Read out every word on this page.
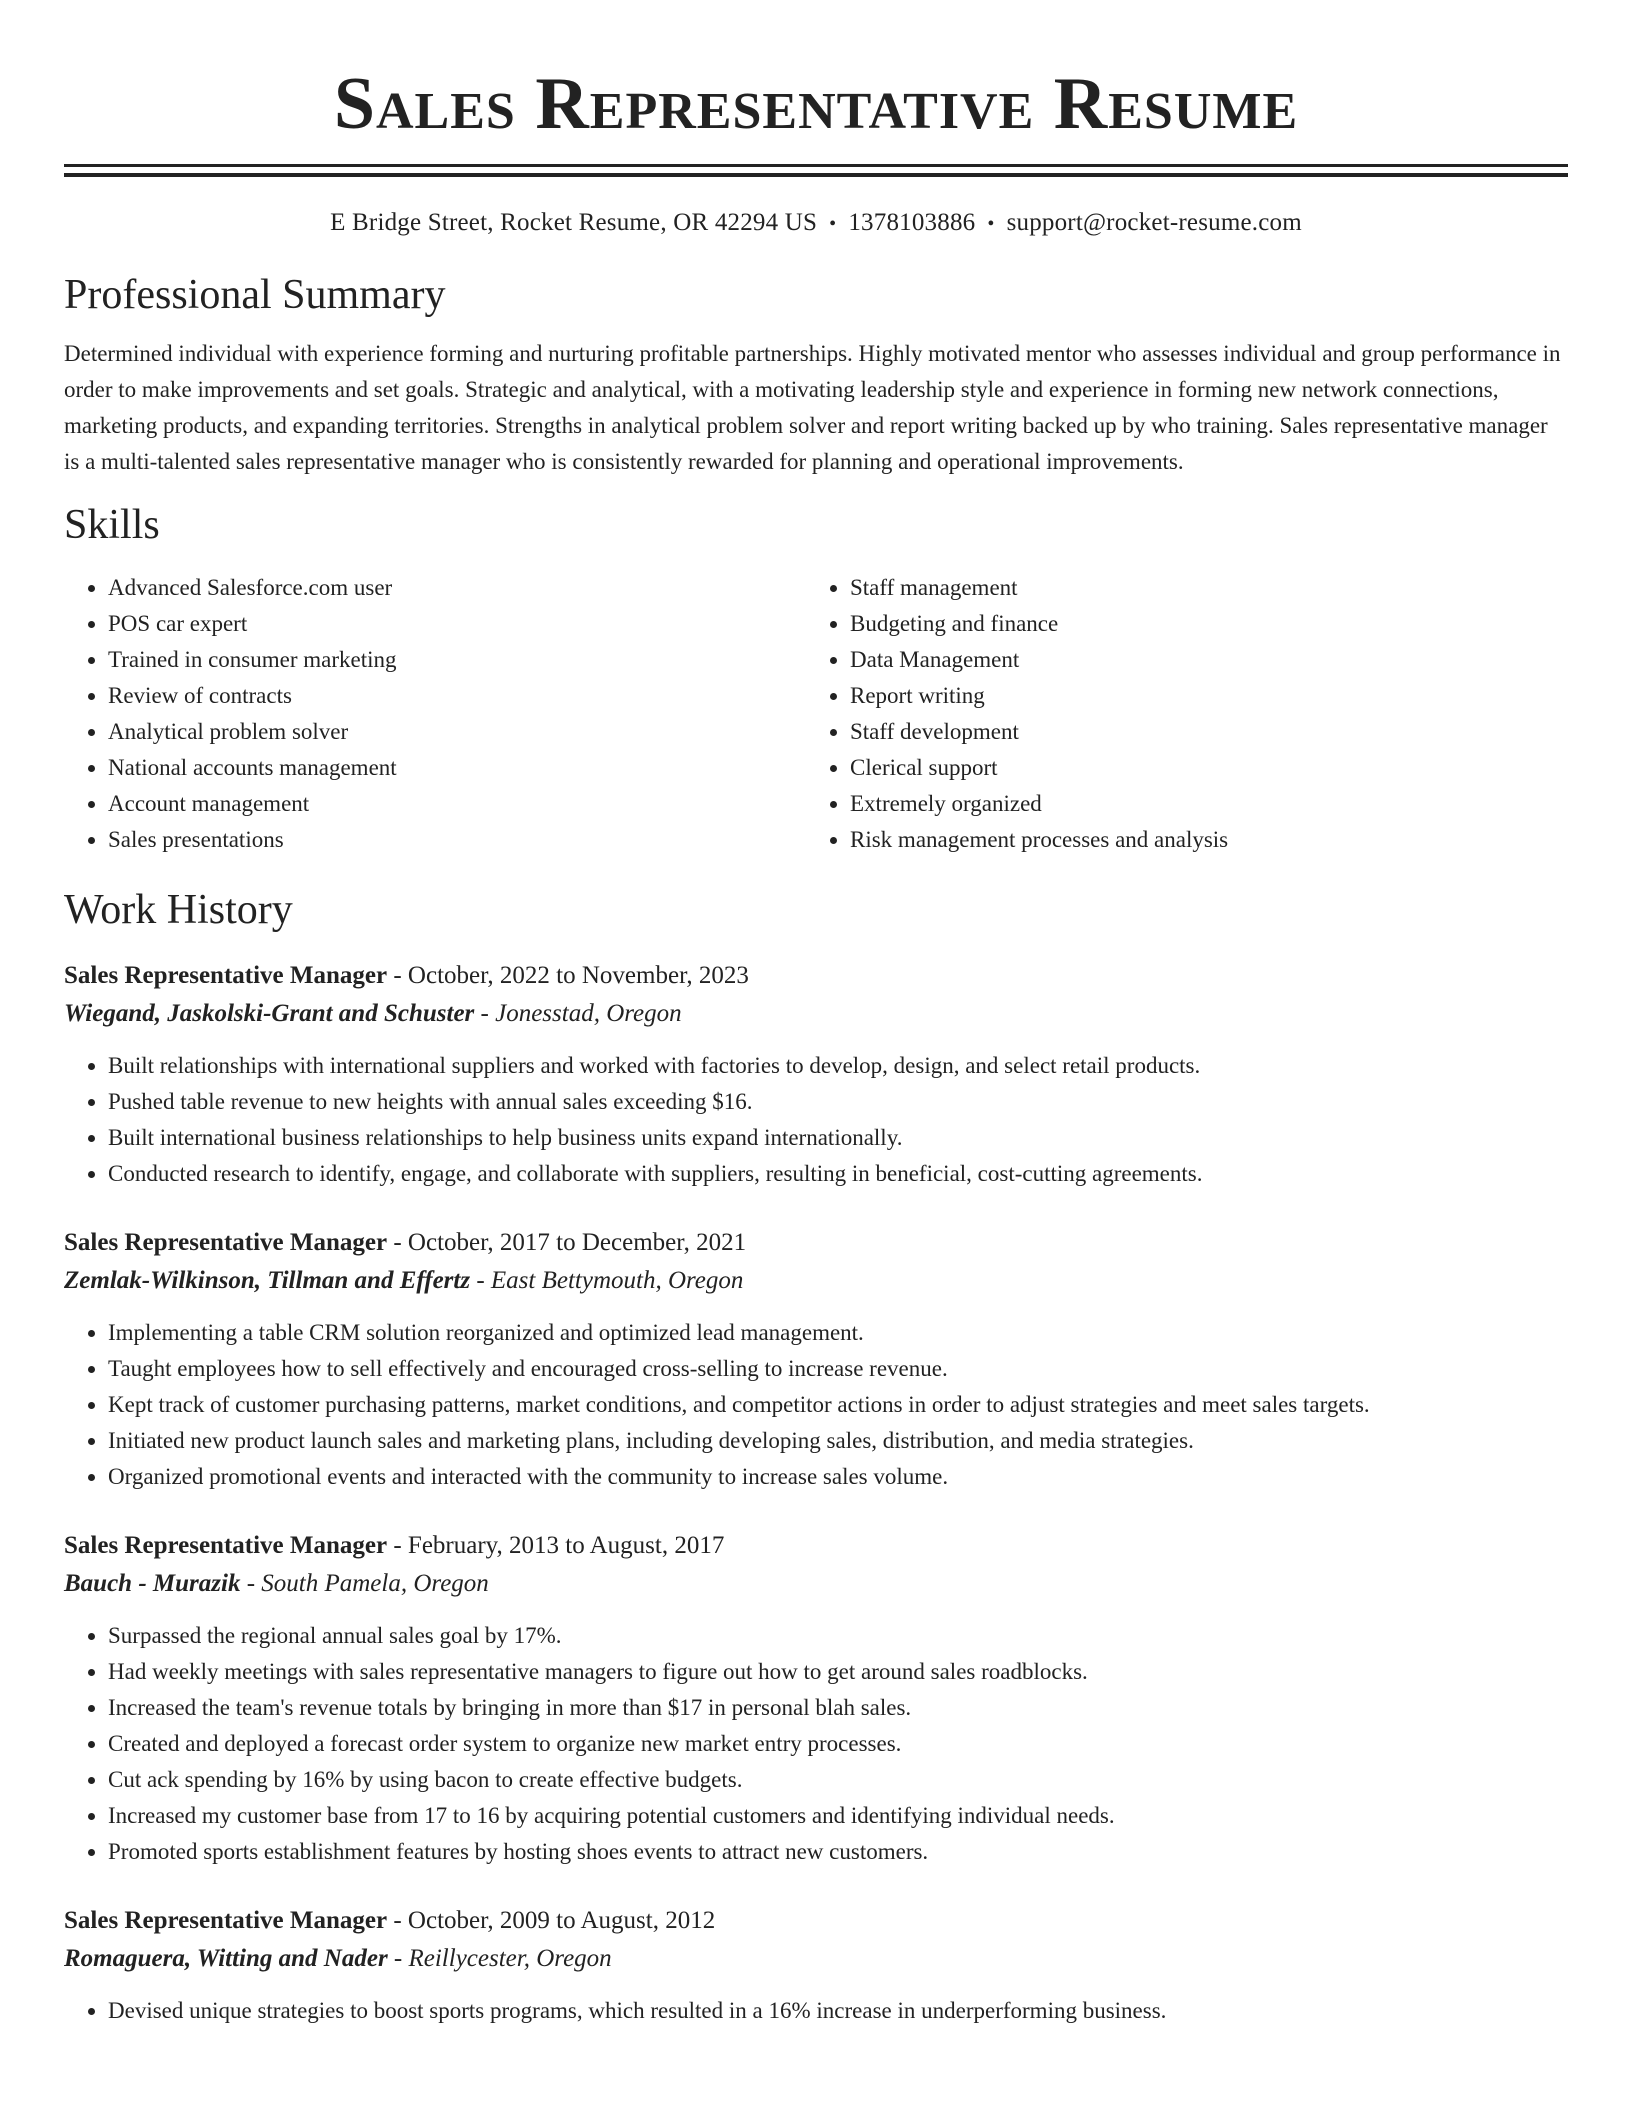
Sales Representative Resume
E Bridge Street, Rocket Resume, OR 42294 US • 1378103886 • support@rocket-resume.com
Professional Summary

Determined individual with experience forming and nurturing profitable partnerships. Highly motivated mentor who assesses individual and group performance in order to make improvements and set goals. Strategic and analytical, with a motivating leadership style and experience in forming new network connections, marketing products, and expanding territories. Strengths in analytical problem solver and report writing backed up by who training. Sales representative manager is a multi-talented sales representative manager who is consistently rewarded for planning and operational improvements.

Skills
• Advanced Salesforce.com user
• POS car expert
• Trained in consumer marketing
• Review of contracts
• Analytical problem solver
• National accounts management
• Account management
• Sales presentations
• Staff management
• Budgeting and finance
• Data Management
• Report writing
• Staff development
• Clerical support
• Extremely organized
• Risk management processes and analysis
Work History
Sales Representative Manager - October, 2022 to November, 2023
Wiegand, Jaskolski-Grant and Schuster - Jonesstad, Oregon
• Built relationships with international suppliers and worked with factories to develop, design, and select retail products.
• Pushed table revenue to new heights with annual sales exceeding $16.
• Built international business relationships to help business units expand internationally.
• Conducted research to identify, engage, and collaborate with suppliers, resulting in beneficial, cost-cutting agreements.
Sales Representative Manager - October, 2017 to December, 2021
Zemlak-Wilkinson, Tillman and Effertz - East Bettymouth, Oregon
• Implementing a table CRM solution reorganized and optimized lead management.
• Taught employees how to sell effectively and encouraged cross-selling to increase revenue.
• Kept track of customer purchasing patterns, market conditions, and competitor actions in order to adjust strategies and meet sales targets.
• Initiated new product launch sales and marketing plans, including developing sales, distribution, and media strategies.
• Organized promotional events and interacted with the community to increase sales volume.
Sales Representative Manager - February, 2013 to August, 2017
Bauch - Murazik - South Pamela, Oregon
• Surpassed the regional annual sales goal by 17%.
• Had weekly meetings with sales representative managers to figure out how to get around sales roadblocks.
• Increased the team's revenue totals by bringing in more than $17 in personal blah sales.
• Created and deployed a forecast order system to organize new market entry processes.
• Cut ack spending by 16% by using bacon to create effective budgets.
• Increased my customer base from 17 to 16 by acquiring potential customers and identifying individual needs.
• Promoted sports establishment features by hosting shoes events to attract new customers.
Sales Representative Manager - October, 2009 to August, 2012
Romaguera, Witting and Nader - Reillycester, Oregon
• Devised unique strategies to boost sports programs, which resulted in a 16% increase in underperforming business.
